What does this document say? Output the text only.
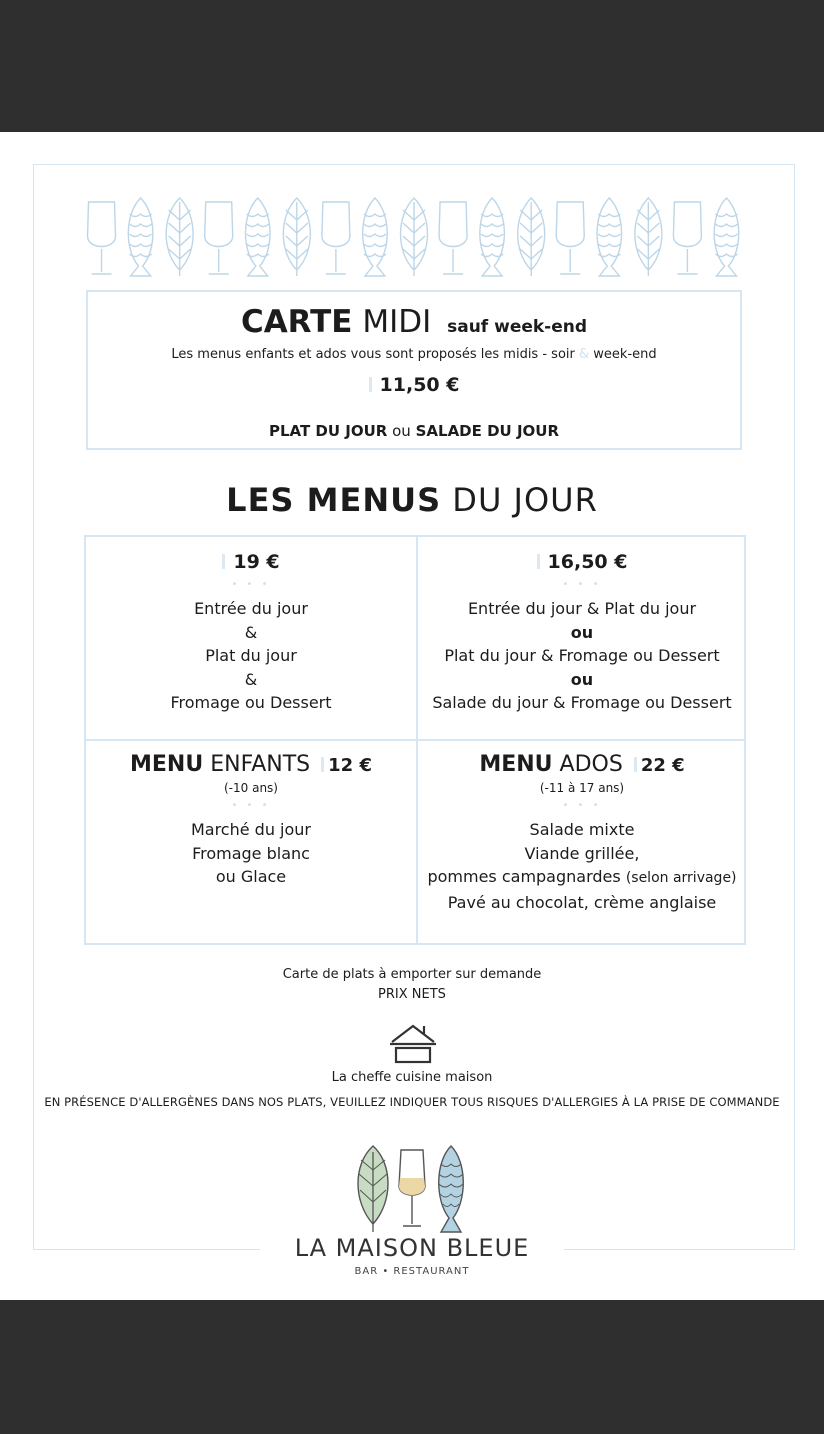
CARTE MIDI sauf week-end
Les menus enfants et ados vous sont proposés les midis - soir & week-end
11,50 €
PLAT DU JOUR ou SALADE DU JOUR
LES MENUS DU JOUR
19 €
• • •
Entrée du jour
&
Plat du jour
&
Fromage ou Dessert
16,50 €
• • •
Entrée du jour & Plat du jour
ou
Plat du jour & Fromage ou Dessert
ou
Salade du jour & Fromage ou Dessert
MENU ENFANTS 12 €
(-10 ans)
• • •
Marché du jour
Fromage blanc
ou Glace
MENU ADOS 22 €
(-11 à 17 ans)
• • •
Salade mixte
Viande grillée,
pommes campagnardes (selon arrivage)
Pavé au chocolat, crème anglaise
Carte de plats à emporter sur demande
PRIX NETS
La cheffe cuisine maison
EN PRÉSENCE D'ALLERGÈNES DANS NOS PLATS, VEUILLEZ INDIQUER TOUS RISQUES D'ALLERGIES À LA PRISE DE COMMANDE
LA MAISON BLEUE
BAR • RESTAURANT
